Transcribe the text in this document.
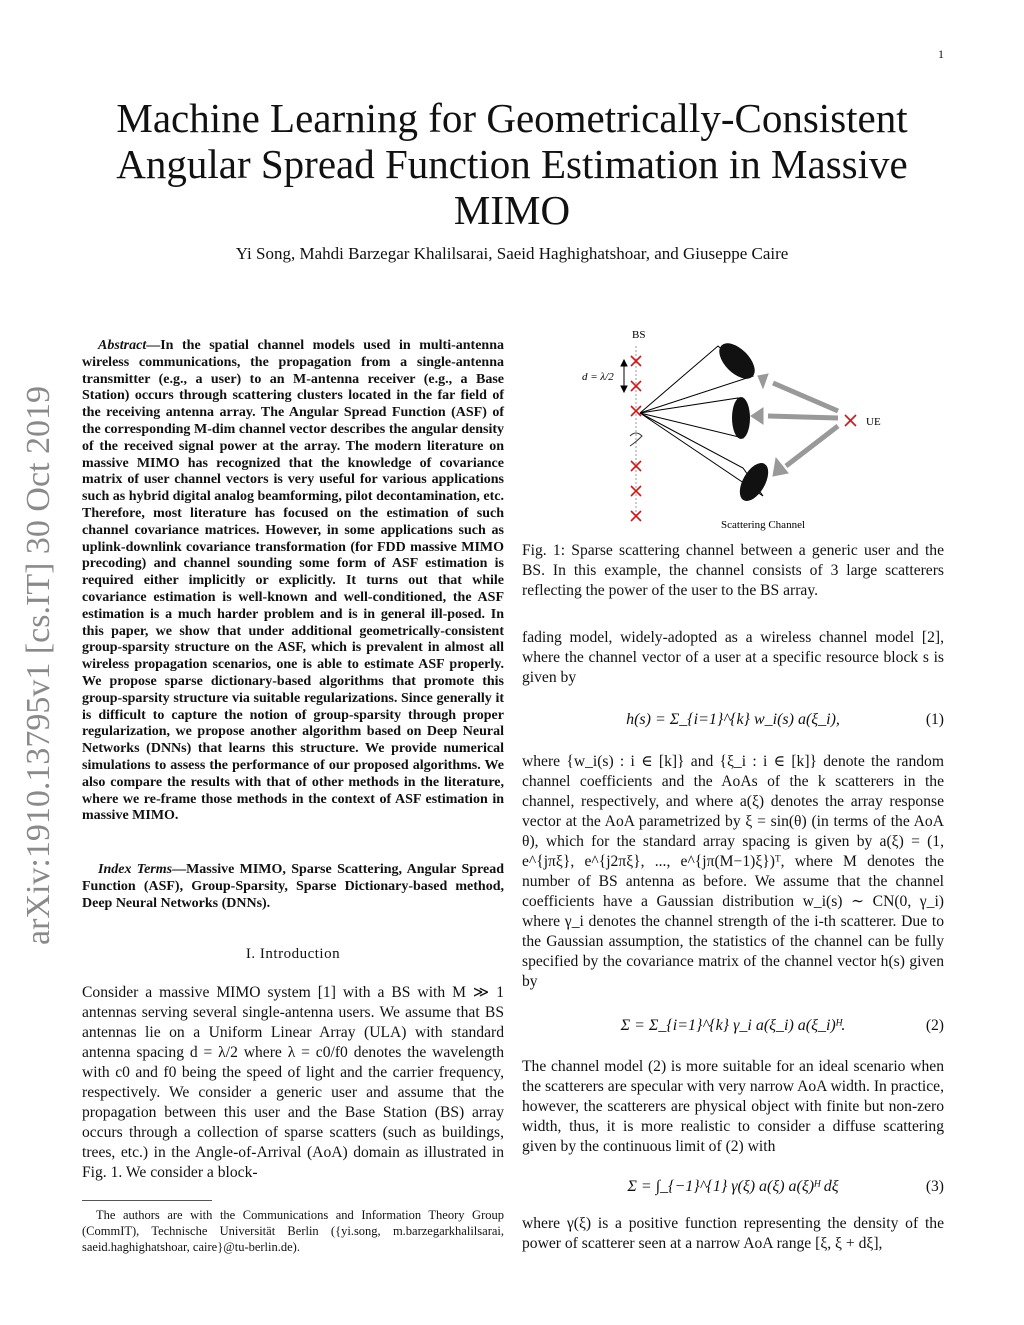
1
arXiv:1910.13795v1 [cs.IT] 30 Oct 2019
Machine Learning for Geometrically-Consistent
Angular Spread Function Estimation in Massive
MIMO
Yi Song, Mahdi Barzegar Khalilsarai, Saeid Haghighatshoar, and Giuseppe Caire
Abstract—In the spatial channel models used in multi-antenna wireless communications, the propagation from a single-antenna transmitter (e.g., a user) to an M-antenna receiver (e.g., a Base Station) occurs through scattering clusters located in the far field of the receiving antenna array. The Angular Spread Function (ASF) of the corresponding M-dim channel vector describes the angular density of the received signal power at the array. The modern literature on massive MIMO has recognized that the knowledge of covariance matrix of user channel vectors is very useful for various applications such as hybrid digital analog beamforming, pilot decontamination, etc. Therefore, most literature has focused on the estimation of such channel covariance matrices. However, in some applications such as uplink-downlink covariance transformation (for FDD massive MIMO precoding) and channel sounding some form of ASF estimation is required either implicitly or explicitly. It turns out that while covariance estimation is well-known and well-conditioned, the ASF estimation is a much harder problem and is in general ill-posed. In this paper, we show that under additional geometrically-consistent group-sparsity structure on the ASF, which is prevalent in almost all wireless propagation scenarios, one is able to estimate ASF properly. We propose sparse dictionary-based algorithms that promote this group-sparsity structure via suitable regularizations. Since generally it is difficult to capture the notion of group-sparsity through proper regularization, we propose another algorithm based on Deep Neural Networks (DNNs) that learns this structure. We provide numerical simulations to assess the performance of our proposed algorithms. We also compare the results with that of other methods in the literature, where we re-frame those methods in the context of ASF estimation in massive MIMO.
Index Terms—Massive MIMO, Sparse Scattering, Angular Spread Function (ASF), Group-Sparsity, Sparse Dictionary-based method, Deep Neural Networks (DNNs).
I. Introduction
Consider a massive MIMO system [1] with a BS with M ≫ 1 antennas serving several single-antenna users. We assume that BS antennas lie on a Uniform Linear Array (ULA) with standard antenna spacing d = λ/2 where λ = c0/f0 denotes the wavelength with c0 and f0 being the speed of light and the carrier frequency, respectively. We consider a generic user and assume that the propagation between this user and the Base Station (BS) array occurs through a collection of sparse scatters (such as buildings, trees, etc.) in the Angle-of-Arrival (AoA) domain as illustrated in Fig. 1. We consider a block-
The authors are with the Communications and Information Theory Group (CommIT), Technische Universität Berlin ({yi.song, m.barzegarkhalilsarai, saeid.haghighatshoar, caire}@tu-berlin.de).
BS
d = λ/2
UE
Scattering Channel
Fig. 1: Sparse scattering channel between a generic user and the BS. In this example, the channel consists of 3 large scatterers reflecting the power of the user to the BS array.
fading model, widely-adopted as a wireless channel model [2], where the channel vector of a user at a specific resource block s is given by
h(s) = Σ_{i=1}^{k} w_i(s) a(ξ_i),	(1)
where {w_i(s) : i ∈ [k]} and {ξ_i : i ∈ [k]} denote the random channel coefficients and the AoAs of the k scatterers in the channel, respectively, and where a(ξ) denotes the array response vector at the AoA parametrized by ξ = sin(θ) (in terms of the AoA θ), which for the standard array spacing is given by a(ξ) = (1, e^{jπξ}, e^{j2πξ}, ..., e^{jπ(M−1)ξ})ᵀ, where M denotes the number of BS antenna as before. We assume that the channel coefficients have a Gaussian distribution w_i(s) ∼ CN(0, γ_i) where γ_i denotes the channel strength of the i-th scatterer. Due to the Gaussian assumption, the statistics of the channel can be fully specified by the covariance matrix of the channel vector h(s) given by
Σ = Σ_{i=1}^{k} γ_i a(ξ_i) a(ξ_i)ᴴ.	(2)
The channel model (2) is more suitable for an ideal scenario when the scatterers are specular with very narrow AoA width. In practice, however, the scatterers are physical object with finite but non-zero width, thus, it is more realistic to consider a diffuse scattering given by the continuous limit of (2) with
Σ = ∫_{−1}^{1} γ(ξ) a(ξ) a(ξ)ᴴ dξ	(3)
where γ(ξ) is a positive function representing the density of the power of scatterer seen at a narrow AoA range [ξ, ξ + dξ],
